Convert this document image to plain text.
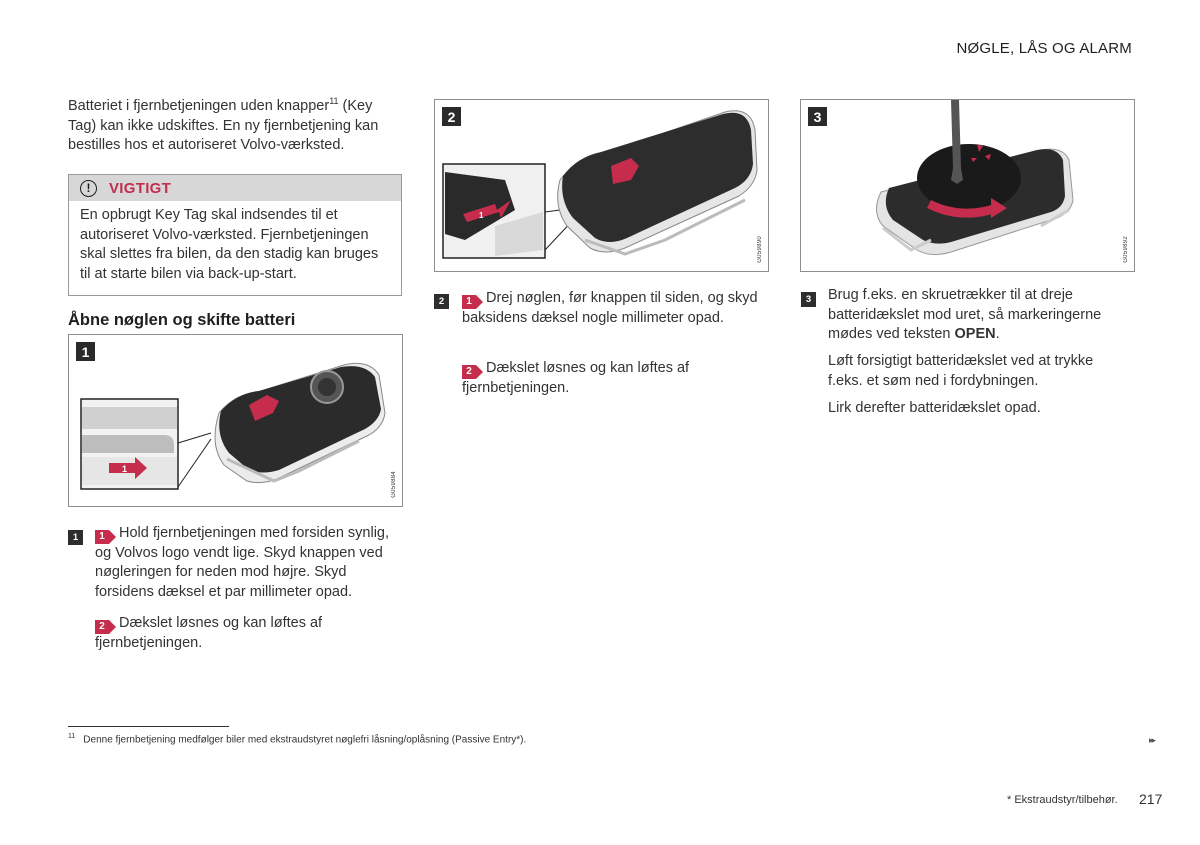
NØGLE, LÅS OG ALARM
Batteriet i fjernbetjeningen uden knapper$^{11}$ (Key Tag) kan ikke udskiftes. En ny fjernbetjening kan bestilles hos et autoriseret Volvo-værksted.
!	VIGTIGT
En opbrugt Key Tag skal indsendes til et autoriseret Volvo-værksted. Fjernbetjeningen skal slettes fra bilen, da den stadig kan bruges til at starte bilen via back-up-start.
Åbne nøglen og skifte batteri
1
1
G059884
1	1 Hold fjernbetjeningen med forsiden synlig, og Volvos logo vendt lige. Skyd knappen ved nøgleringen for neden mod højre. Skyd forsidens dæksel et par millimeter opad.
2 Dækslet løsnes og kan løftes af fjernbetjeningen.
2
1
G059890
2	1 Drej nøglen, før knappen til siden, og skyd baksidens dæksel nogle millimeter opad.
2 Dækslet løsnes og kan løftes af fjernbetjeningen.
3
G059892
3	Brug f.eks. en skruetrækker til at dreje batteridækslet mod uret, så markeringerne mødes ved teksten OPEN.
Løft forsigtigt batteridækslet ved at trykke f.eks. et søm ned i fordybningen.
Lirk derefter batteridækslet opad.
$^{11}$ Denne fjernbetjening medfølger biler med ekstraudstyret nøglefri låsning/oplåsning (Passive Entry*).	▸▸
* Ekstraudstyr/tilbehør. 217
